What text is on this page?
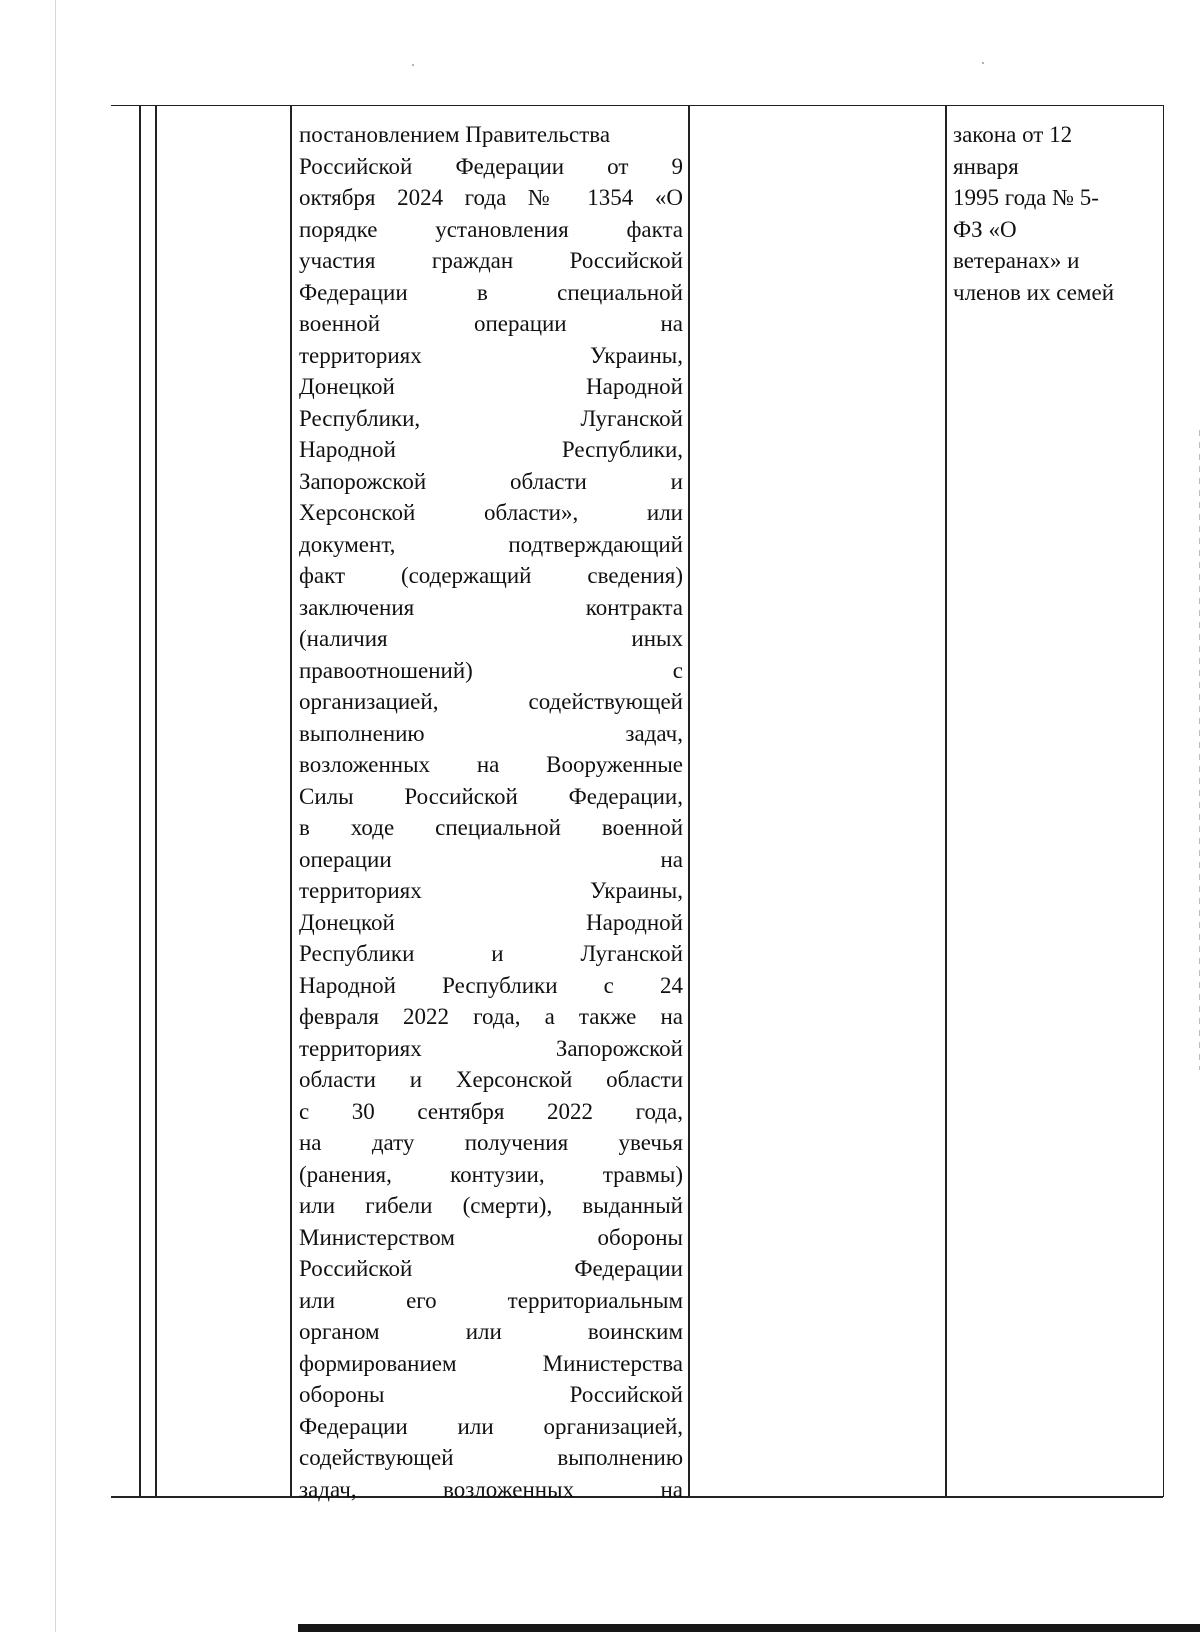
постановлением Правительства
Российской Федерации от 9
октября 2024 года № 1354 «О
порядке установления факта
участия граждан Российской
Федерации в специальной
военной операции на
территориях Украины,
Донецкой Народной
Республики, Луганской
Народной Республики,
Запорожской области и
Херсонской области», или
документ, подтверждающий
факт (содержащий сведения)
заключения контракта
(наличия иных
правоотношений) с
организацией, содействующей
выполнению задач,
возложенных на Вооруженные
Силы Российской Федерации,
в ходе специальной военной
операции на
территориях Украины,
Донецкой Народной
Республики и Луганской
Народной Республики с 24
февраля 2022 года, а также на
территориях Запорожской
области и Херсонской области
с 30 сентября 2022 года,
на дату получения увечья
(ранения, контузии, травмы)
или гибели (смерти), выданный
Министерством обороны
Российской Федерации
или его территориальным
органом или воинским
формированием Министерства
обороны Российской
Федерации или организацией,
содействующей выполнению
задач, возложенных на
закона от 12
января
1995 года № 5-
ФЗ «О
ветеранах» и
членов их семей
